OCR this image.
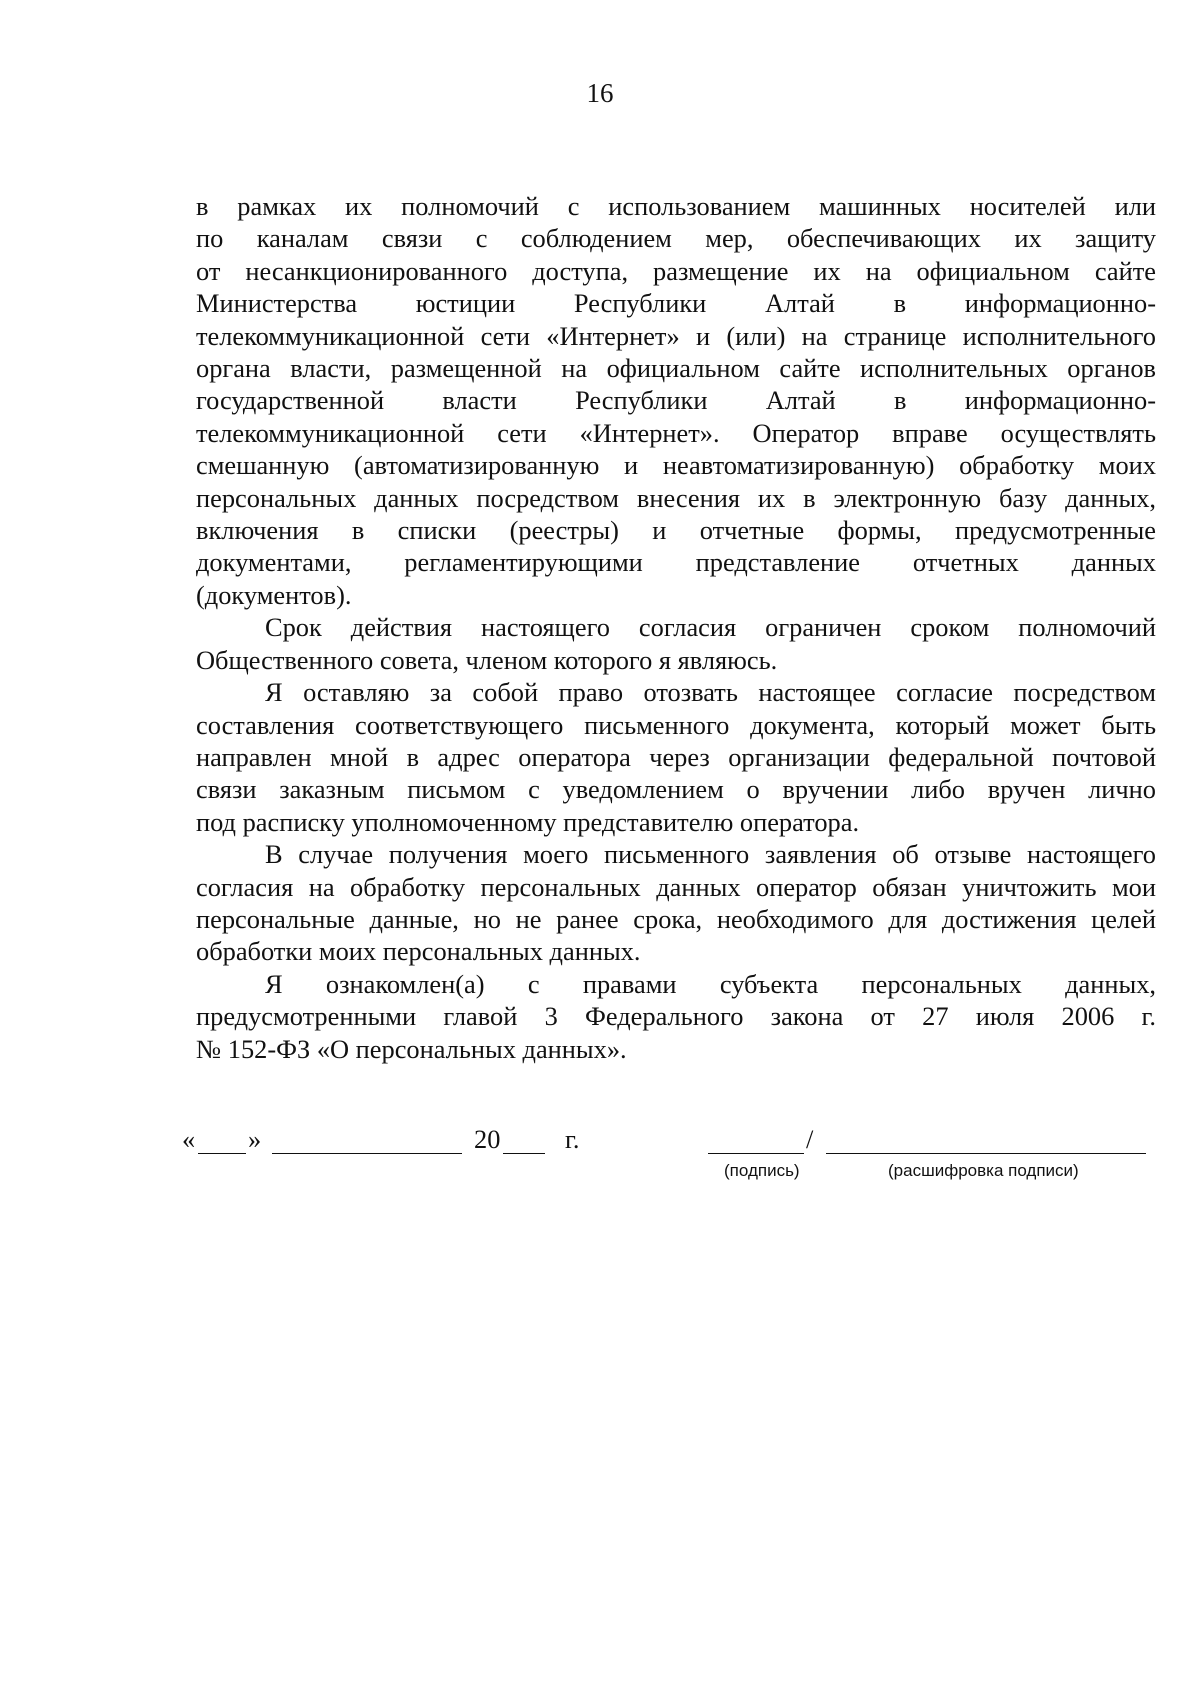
16
в рамках их полномочий с использованием машинных носителей или
по каналам связи с соблюдением мер, обеспечивающих их защиту
от несанкционированного доступа, размещение их на официальном сайте
Министерства юстиции Республики Алтай в информационно-
телекоммуникационной сети «Интернет» и (или) на странице исполнительного
органа власти, размещенной на официальном сайте исполнительных органов
государственной власти Республики Алтай в информационно-
телекоммуникационной сети «Интернет». Оператор вправе осуществлять
смешанную (автоматизированную и неавтоматизированную) обработку моих
персональных данных посредством внесения их в электронную базу данных,
включения в списки (реестры) и отчетные формы, предусмотренные
документами, регламентирующими представление отчетных данных
(документов).
Срок действия настоящего согласия ограничен сроком полномочий
Общественного совета, членом которого я являюсь.
Я оставляю за собой право отозвать настоящее согласие посредством
составления соответствующего письменного документа, который может быть
направлен мной в адрес оператора через организации федеральной почтовой
связи заказным письмом с уведомлением о вручении либо вручен лично
под расписку уполномоченному представителю оператора.
В случае получения моего письменного заявления об отзыве настоящего
согласия на обработку персональных данных оператор обязан уничтожить мои
персональные данные, но не ранее срока, необходимого для достижения целей
обработки моих персональных данных.
Я ознакомлен(а) с правами субъекта персональных данных,
предусмотренными главой 3 Федерального закона от 27 июля 2006 г.
№ 152-ФЗ «О персональных данных».
« »	20 г.	/
(подпись)	(расшифровка подписи)
